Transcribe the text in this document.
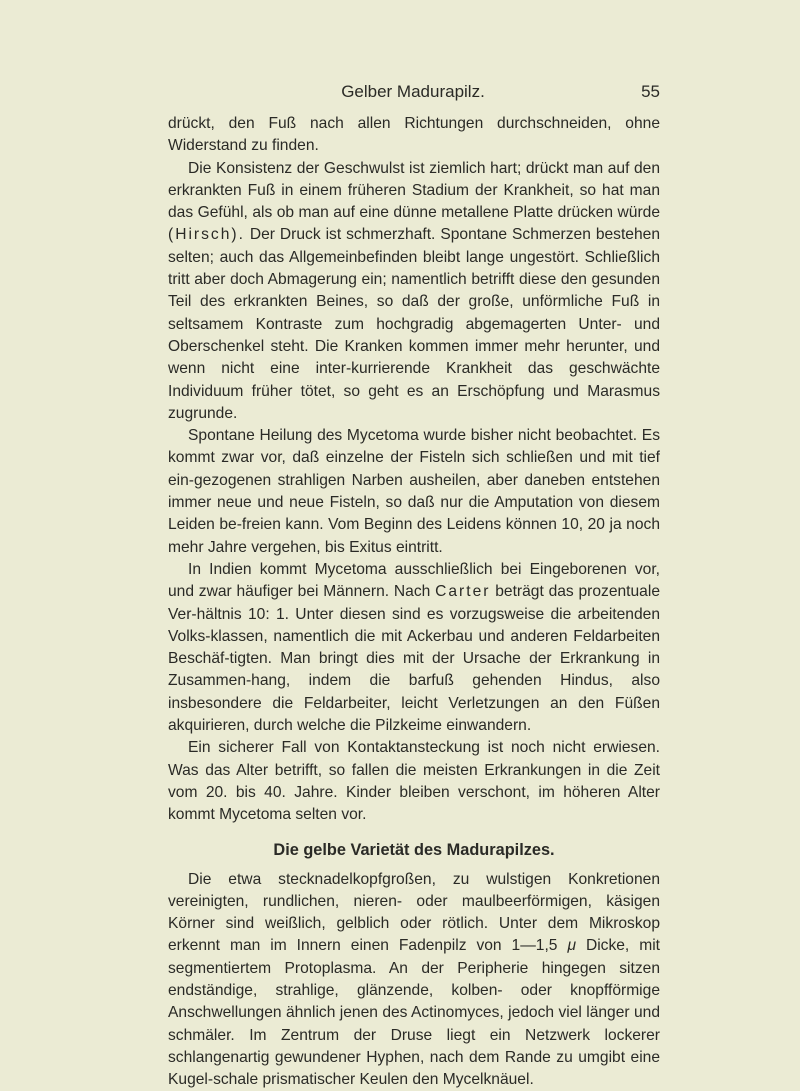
Gelber Madurapilz.	55

drückt, den Fuß nach allen Richtungen durchschneiden, ohne Widerstand zu finden.

Die Konsistenz der Geschwulst ist ziemlich hart; drückt man auf den erkrankten Fuß in einem früheren Stadium der Krankheit, so hat man das Gefühl, als ob man auf eine dünne metallene Platte drücken würde (Hirsch). Der Druck ist schmerzhaft. Spontane Schmerzen bestehen selten; auch das Allgemeinbefinden bleibt lange ungestört. Schließlich tritt aber doch Abmagerung ein; namentlich betrifft diese den gesunden Teil des erkrankten Beines, so daß der große, unförmliche Fuß in seltsamem Kontraste zum hochgradig abgemagerten Unter- und Oberschenkel steht. Die Kranken kommen immer mehr herunter, und wenn nicht eine inter-kurrierende Krankheit das geschwächte Individuum früher tötet, so geht es an Erschöpfung und Marasmus zugrunde.

Spontane Heilung des Mycetoma wurde bisher nicht beobachtet. Es kommt zwar vor, daß einzelne der Fisteln sich schließen und mit tief ein-gezogenen strahligen Narben ausheilen, aber daneben entstehen immer neue und neue Fisteln, so daß nur die Amputation von diesem Leiden be-freien kann. Vom Beginn des Leidens können 10, 20 ja noch mehr Jahre vergehen, bis Exitus eintritt.

In Indien kommt Mycetoma ausschließlich bei Eingeborenen vor, und zwar häufiger bei Männern. Nach Carter beträgt das prozentuale Ver-hältnis 10: 1. Unter diesen sind es vorzugsweise die arbeitenden Volks-klassen, namentlich die mit Ackerbau und anderen Feldarbeiten Beschäf-tigten. Man bringt dies mit der Ursache der Erkrankung in Zusammen-hang, indem die barfuß gehenden Hindus, also insbesondere die Feldarbeiter, leicht Verletzungen an den Füßen akquirieren, durch welche die Pilzkeime einwandern.

Ein sicherer Fall von Kontaktansteckung ist noch nicht erwiesen. Was das Alter betrifft, so fallen die meisten Erkrankungen in die Zeit vom 20. bis 40. Jahre. Kinder bleiben verschont, im höheren Alter kommt Mycetoma selten vor.

Die gelbe Varietät des Madurapilzes.

Die etwa stecknadelkopfgroßen, zu wulstigen Konkretionen vereinigten, rundlichen, nieren- oder maulbeerförmigen, käsigen Körner sind weißlich, gelblich oder rötlich. Unter dem Mikroskop erkennt man im Innern einen Fadenpilz von 1—1,5 μ Dicke, mit segmentiertem Protoplasma. An der Peripherie hingegen sitzen endständige, strahlige, glänzende, kolben- oder knopfförmige Anschwellungen ähnlich jenen des Actinomyces, jedoch viel länger und schmäler. Im Zentrum der Druse liegt ein Netzwerk lockerer schlangenartig gewundener Hyphen, nach dem Rande zu umgibt eine Kugel-schale prismatischer Keulen den Mycelknäuel.
